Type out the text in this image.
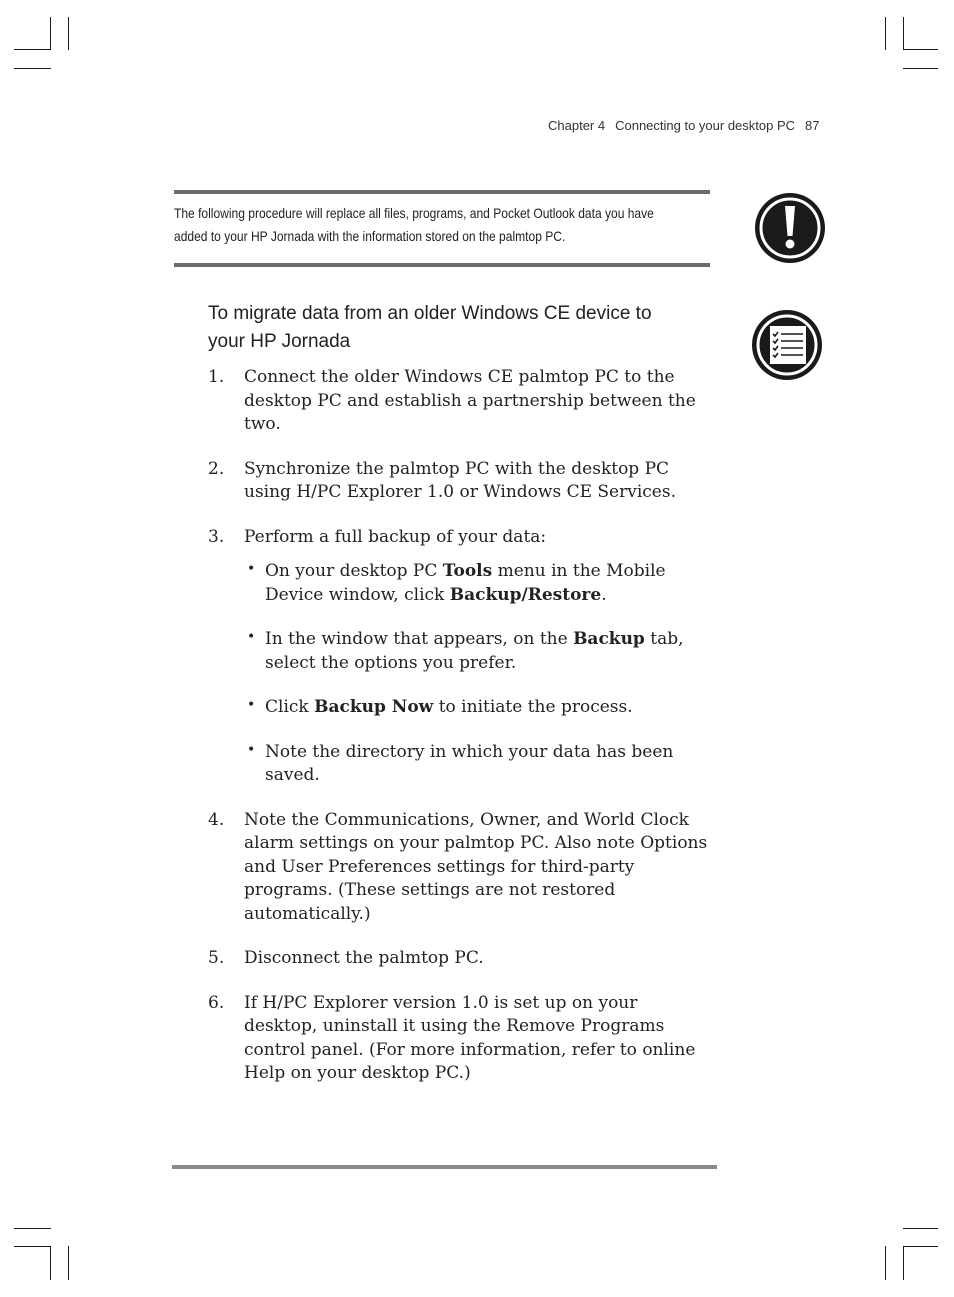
Chapter 4 Connecting to your desktop PC 87
The following procedure will replace all files, programs, and Pocket Outlook data you have added to your HP Jornada with the information stored on the palmtop PC.
To migrate data from an older Windows CE device to your HP Jornada
1. Connect the older Windows CE palmtop PC to the desktop PC and establish a partnership between the two.
2. Synchronize the palmtop PC with the desktop PC using H/PC Explorer 1.0 or Windows CE Services.
3. Perform a full backup of your data:
• On your desktop PC Tools menu in the Mobile Device window, click Backup/Restore.
• In the window that appears, on the Backup tab, select the options you prefer.
• Click Backup Now to initiate the process.
• Note the directory in which your data has been saved.
4. Note the Communications, Owner, and World Clock alarm settings on your palmtop PC. Also note Options and User Preferences settings for third-party programs. (These settings are not restored automatically.)
5. Disconnect the palmtop PC.
6. If H/PC Explorer version 1.0 is set up on your desktop, uninstall it using the Remove Programs control panel. (For more information, refer to online Help on your desktop PC.)
